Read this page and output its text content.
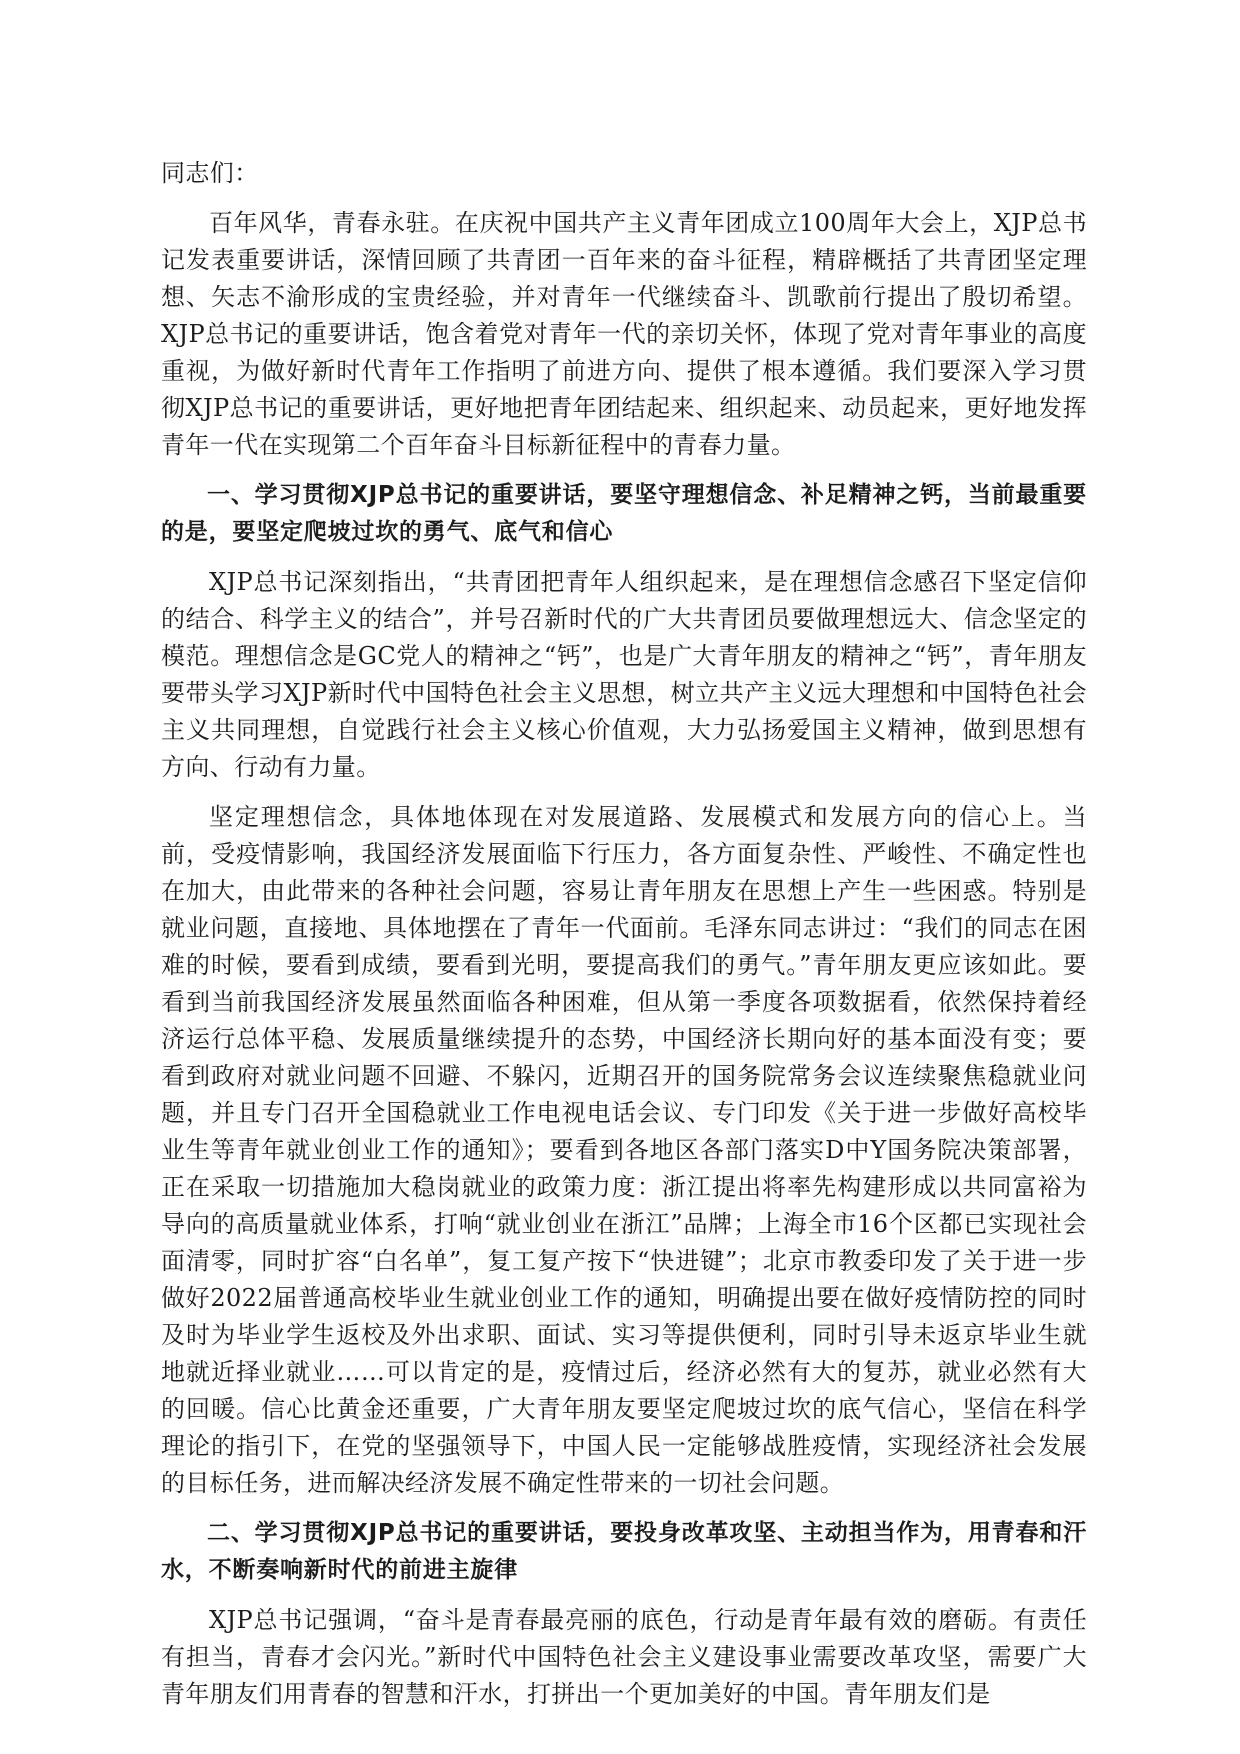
同志们：

百年风华，青春永驻。在庆祝中国共产主义青年团成立100周年大会上，XJP总书记发表重要讲话，深情回顾了共青团一百年来的奋斗征程，精辟概括了共青团坚定理想、矢志不渝形成的宝贵经验，并对青年一代继续奋斗、凯歌前行提出了殷切希望。XJP总书记的重要讲话，饱含着党对青年一代的亲切关怀，体现了党对青年事业的高度重视，为做好新时代青年工作指明了前进方向、提供了根本遵循。我们要深入学习贯彻XJP总书记的重要讲话，更好地把青年团结起来、组织起来、动员起来，更好地发挥青年一代在实现第二个百年奋斗目标新征程中的青春力量。

一、学习贯彻XJP总书记的重要讲话，要坚守理想信念、补足精神之钙，当前最重要的是，要坚定爬坡过坎的勇气、底气和信心

XJP总书记深刻指出，“共青团把青年人组织起来，是在理想信念感召下坚定信仰的结合、科学主义的结合”，并号召新时代的广大共青团员要做理想远大、信念坚定的模范。理想信念是GC党人的精神之“钙”，也是广大青年朋友的精神之“钙”，青年朋友要带头学习XJP新时代中国特色社会主义思想，树立共产主义远大理想和中国特色社会主义共同理想，自觉践行社会主义核心价值观，大力弘扬爱国主义精神，做到思想有方向、行动有力量。

坚定理想信念，具体地体现在对发展道路、发展模式和发展方向的信心上。当前，受疫情影响，我国经济发展面临下行压力，各方面复杂性、严峻性、不确定性也在加大，由此带来的各种社会问题，容易让青年朋友在思想上产生一些困惑。特别是就业问题，直接地、具体地摆在了青年一代面前。毛泽东同志讲过：“我们的同志在困难的时候，要看到成绩，要看到光明，要提高我们的勇气。”青年朋友更应该如此。要看到当前我国经济发展虽然面临各种困难，但从第一季度各项数据看，依然保持着经济运行总体平稳、发展质量继续提升的态势，中国经济长期向好的基本面没有变；要看到政府对就业问题不回避、不躲闪，近期召开的国务院常务会议连续聚焦稳就业问题，并且专门召开全国稳就业工作电视电话会议、专门印发《关于进一步做好高校毕业生等青年就业创业工作的通知》；要看到各地区各部门落实D中Y国务院决策部署，正在采取一切措施加大稳岗就业的政策力度：浙江提出将率先构建形成以共同富裕为导向的高质量就业体系，打响“就业创业在浙江”品牌；上海全市16个区都已实现社会面清零，同时扩容“白名单”，复工复产按下“快进键”；北京市教委印发了关于进一步做好2022届普通高校毕业生就业创业工作的通知，明确提出要在做好疫情防控的同时及时为毕业学生返校及外出求职、面试、实习等提供便利，同时引导未返京毕业生就地就近择业就业……可以肯定的是，疫情过后，经济必然有大的复苏，就业必然有大的回暖。信心比黄金还重要，广大青年朋友要坚定爬坡过坎的底气信心，坚信在科学理论的指引下，在党的坚强领导下，中国人民一定能够战胜疫情，实现经济社会发展的目标任务，进而解决经济发展不确定性带来的一切社会问题。

二、学习贯彻XJP总书记的重要讲话，要投身改革攻坚、主动担当作为，用青春和汗水，不断奏响新时代的前进主旋律

XJP总书记强调，“奋斗是青春最亮丽的底色，行动是青年最有效的磨砺。有责任有担当，青春才会闪光。”新时代中国特色社会主义建设事业需要改革攻坚，需要广大青年朋友们用青春的智慧和汗水，打拼出一个更加美好的中国。青年朋友们是
